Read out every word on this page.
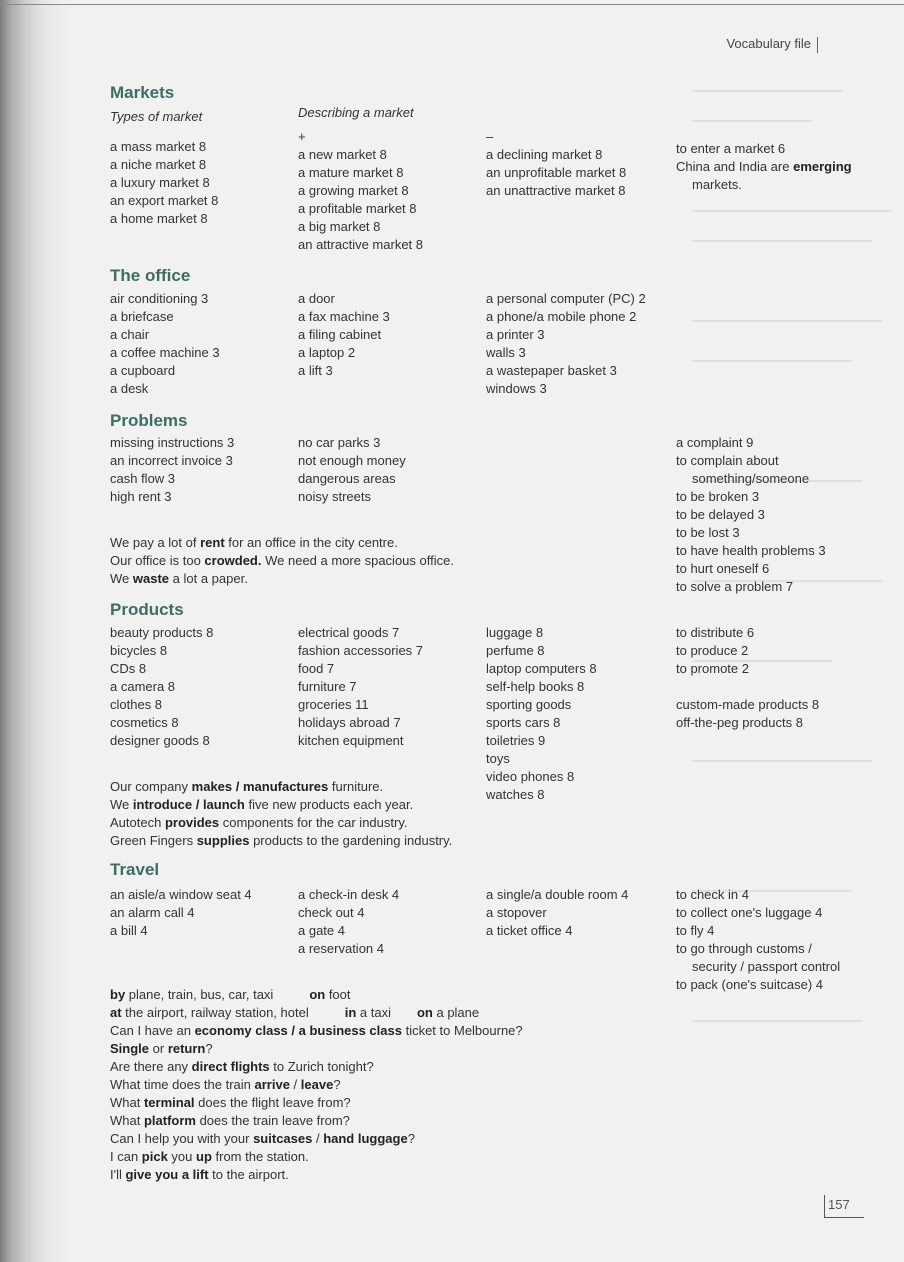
Vocabulary file
Markets
Types of market
a mass market 8
a niche market 8
a luxury market 8
an export market 8
a home market 8
Describing a market
+
a new market 8
a mature market 8
a growing market 8
a profitable market 8
a big market 8
an attractive market 8
–
a declining market 8
an unprofitable market 8
an unattractive market 8
to enter a market 6
China and India are emerging
markets.
The office
air conditioning 3
a briefcase
a chair
a coffee machine 3
a cupboard
a desk
a door
a fax machine 3
a filing cabinet
a laptop 2
a lift 3
a personal computer (PC) 2
a phone/a mobile phone 2
a printer 3
walls 3
a wastepaper basket 3
windows 3
Problems
missing instructions 3
an incorrect invoice 3
cash flow 3
high rent 3
no car parks 3
not enough money
dangerous areas
noisy streets
a complaint 9
to complain about
something/someone
to be broken 3
to be delayed 3
to be lost 3
to have health problems 3
to hurt oneself 6
to solve a problem 7
We pay a lot of rent for an office in the city centre.
Our office is too crowded. We need a more spacious office.
We waste a lot a paper.
Products
beauty products 8
bicycles 8
CDs 8
a camera 8
clothes 8
cosmetics 8
designer goods 8
electrical goods 7
fashion accessories 7
food 7
furniture 7
groceries 11
holidays abroad 7
kitchen equipment
luggage 8
perfume 8
laptop computers 8
self-help books 8
sporting goods
sports cars 8
toiletries 9
toys
video phones 8
watches 8
to distribute 6
to produce 2
to promote 2
custom-made products 8
off-the-peg products 8
Our company makes / manufactures furniture.
We introduce / launch five new products each year.
Autotech provides components for the car industry.
Green Fingers supplies products to the gardening industry.
Travel
an aisle/a window seat 4
an alarm call 4
a bill 4
a check-in desk 4
check out 4
a gate 4
a reservation 4
a single/a double room 4
a stopover
a ticket office 4
to check in 4
to collect one's luggage 4
to fly 4
to go through customs /
security / passport control
to pack (one's suitcase) 4
by plane, train, bus, car, taxi	on foot
at the airport, railway station, hotel	in a taxi on a plane
Can I have an economy class / a business class ticket to Melbourne?
Single or return?
Are there any direct flights to Zurich tonight?
What time does the train arrive / leave?
What terminal does the flight leave from?
What platform does the train leave from?
Can I help you with your suitcases / hand luggage?
I can pick you up from the station.
I'll give you a lift to the airport.
157
